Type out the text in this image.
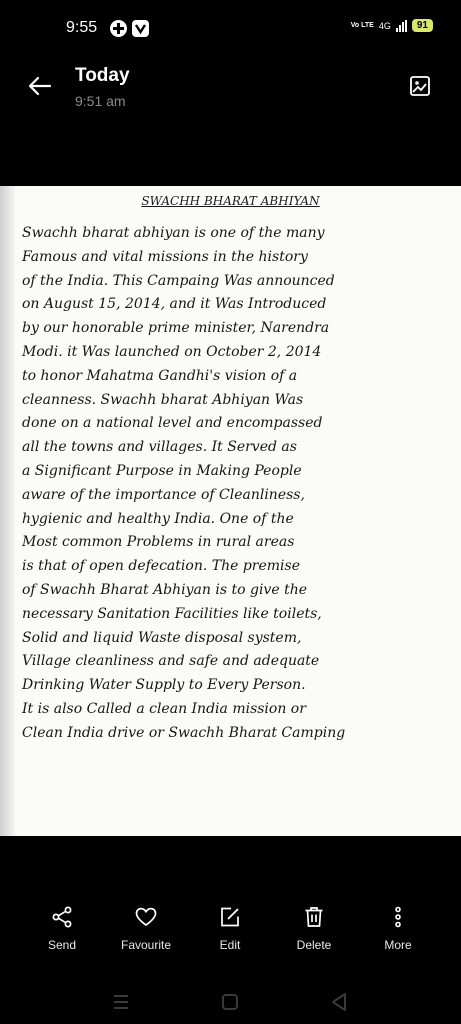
9:55	Vo LTE 4G	91
Today
9:51 am
SWACHH BHARAT ABHIYAN
Swachh bharat abhiyan is one of the many
Famous and vital missions in the history
of the India. This Campaing Was announced
on August 15, 2014, and it Was Introduced
by our honorable prime minister, Narendra
Modi. it Was launched on October 2, 2014
to honor Mahatma Gandhi's vision of a
cleanness. Swachh bharat Abhiyan Was
done on a national level and encompassed
all the towns and villages. It Served as
a Significant Purpose in Making People
aware of the importance of Cleanliness,
hygienic and healthy India. One of the
Most common Problems in rural areas
is that of open defecation. The premise
of Swachh Bharat Abhiyan is to give the
necessary Sanitation Facilities like toilets,
Solid and liquid Waste disposal system,
Village cleanliness and safe and adequate
Drinking Water Supply to Every Person.
It is also Called a clean India mission or
Clean India drive or Swachh Bharat Camping
Send	Favourite	Edit	Delete	More
